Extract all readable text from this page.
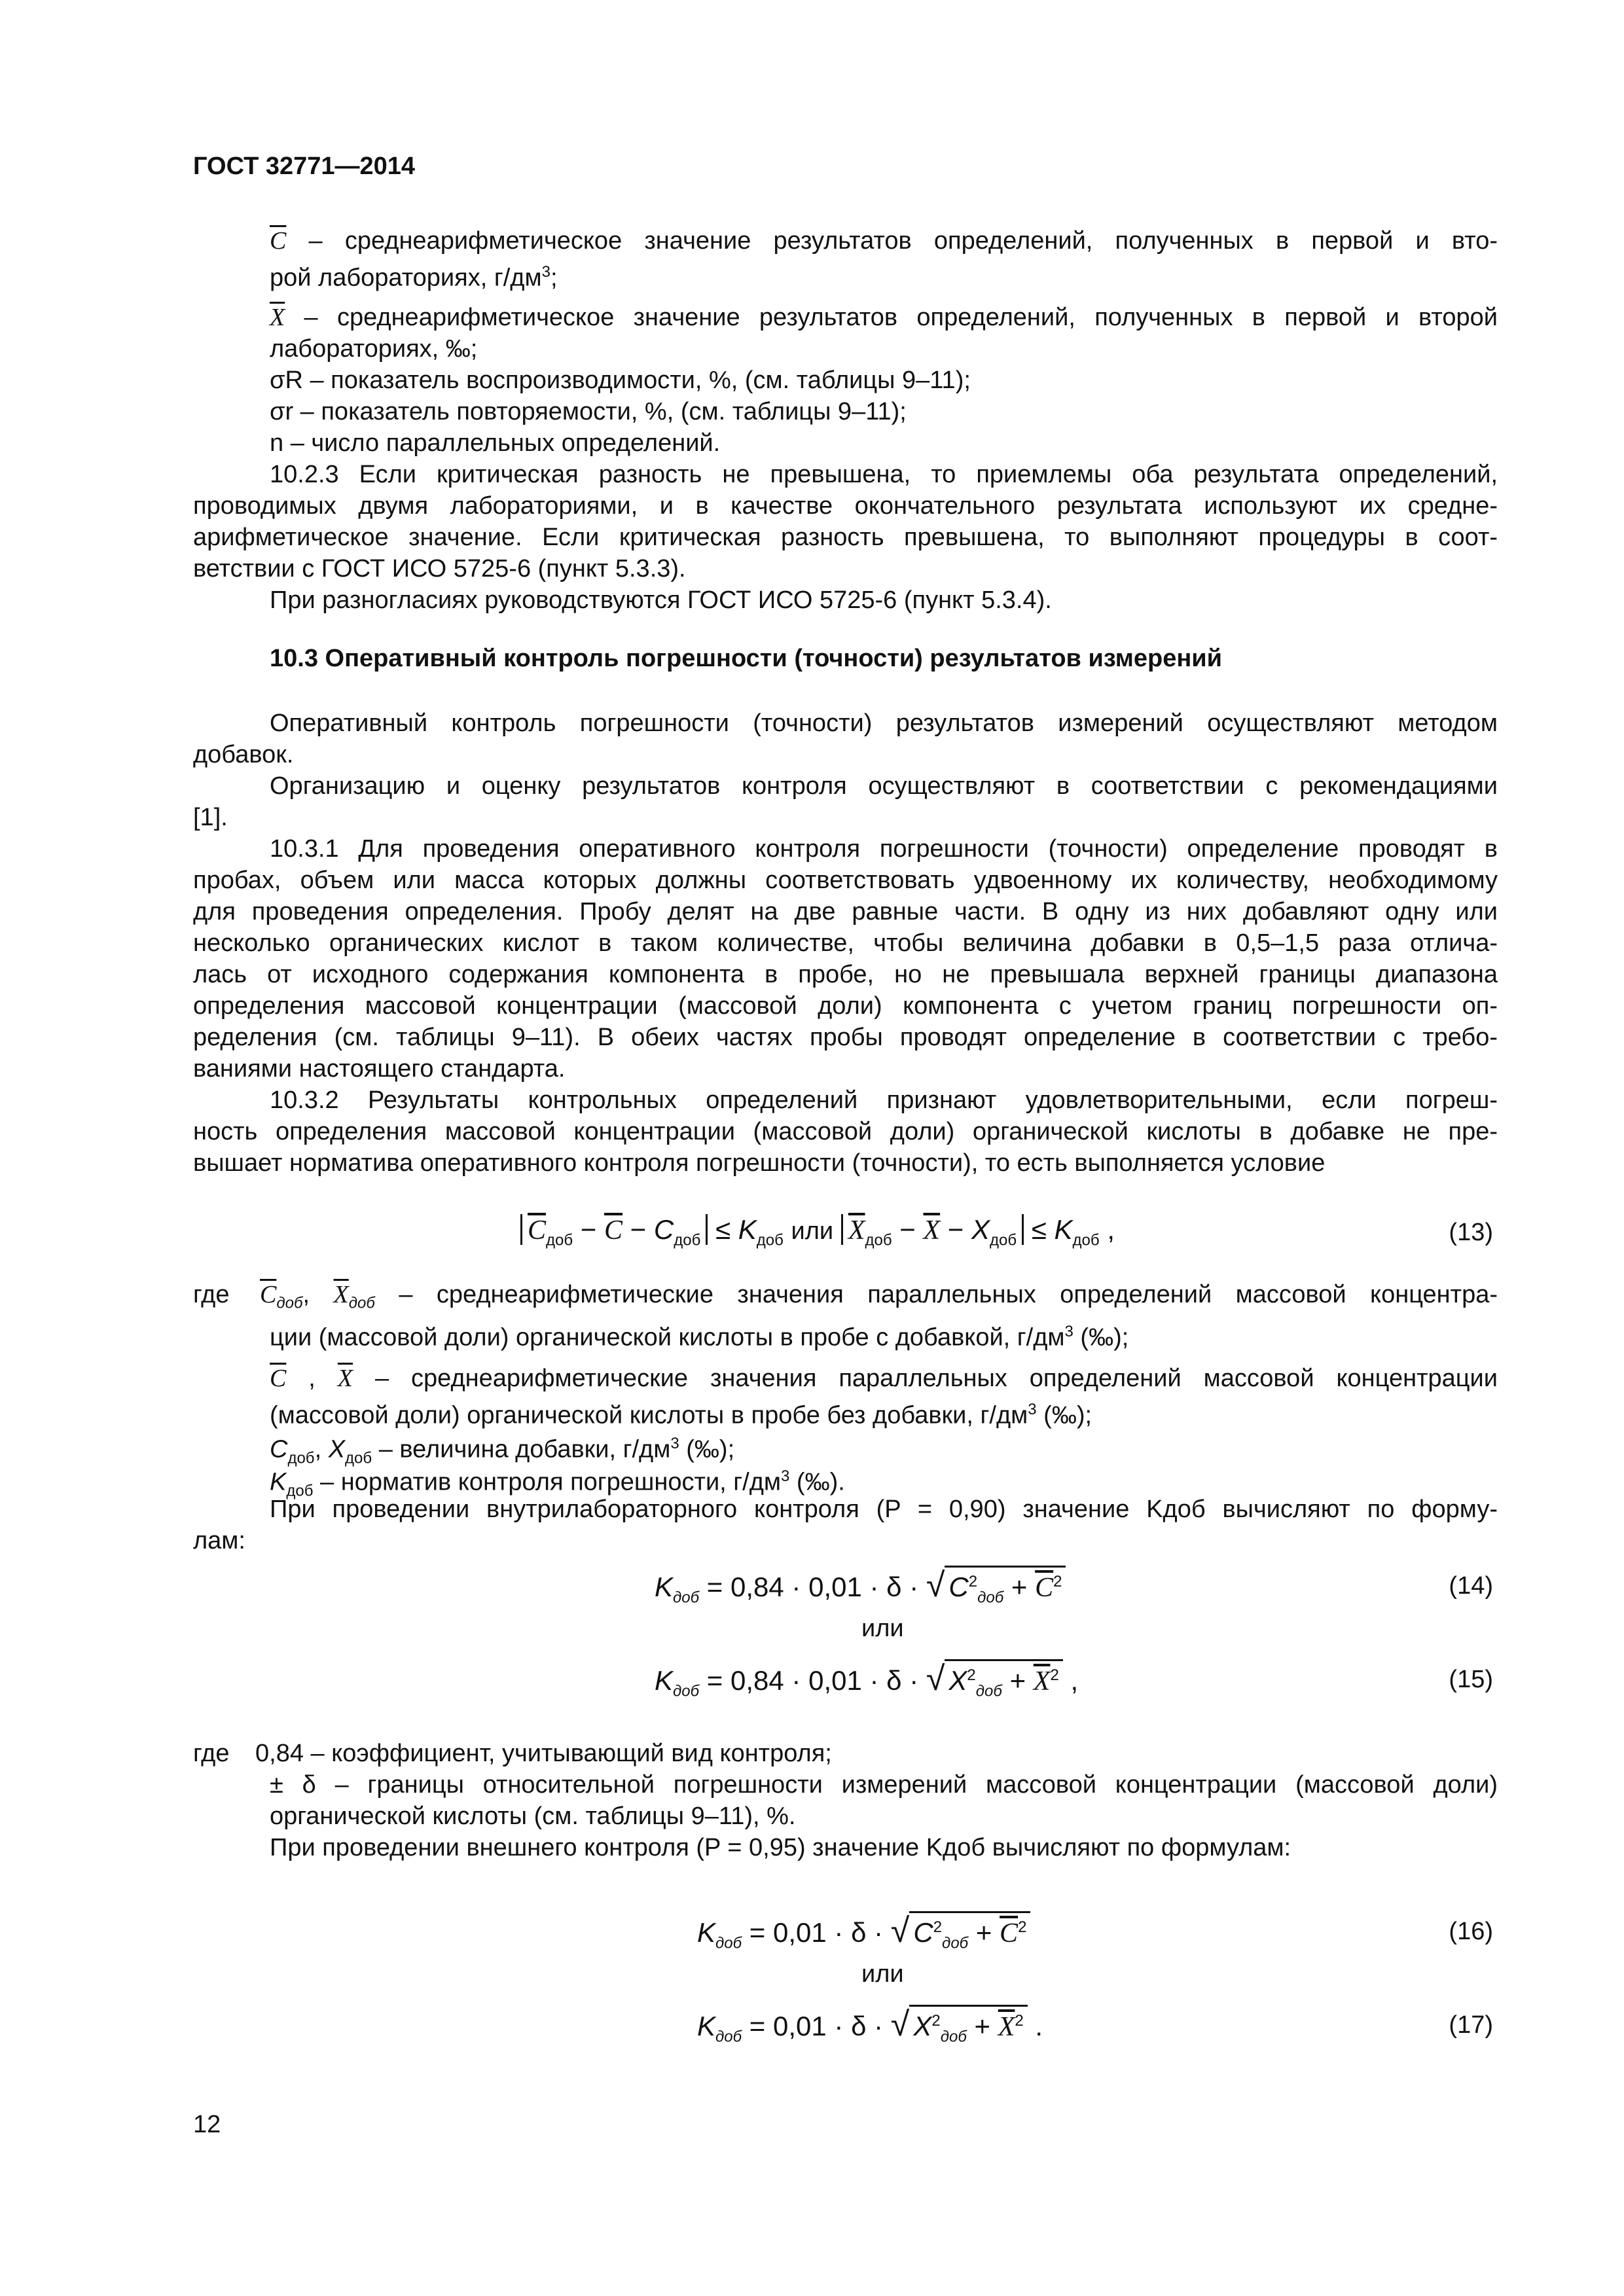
ГОСТ 32771—2014
$\overline{C}$ – среднеарифметическое значение результатов определений, полученных в первой и вто-
рой лабораториях, $г/дм^3$;
$\overline{X}$ – среднеарифметическое значение результатов определений, полученных в первой и второй
лабораториях, ‰;
σR – показатель воспроизводимости, %, (см. таблицы 9–11);
σr – показатель повторяемости, %, (см. таблицы 9–11);
n – число параллельных определений.
10.2.3 Если критическая разность не превышена, то приемлемы оба результата определений,
проводимых двумя лабораториями, и в качестве окончательного результата используют их средне-
арифметическое значение. Если критическая разность превышена, то выполняют процедуры в соот-
ветствии с ГОСТ ИСО 5725-6 (пункт 5.3.3).
При разногласиях руководствуются ГОСТ ИСО 5725-6 (пункт 5.3.4).
10.3 Оперативный контроль погрешности (точности) результатов измерений
Оперативный контроль погрешности (точности) результатов измерений осуществляют методом
добавок.
Организацию и оценку результатов контроля осуществляют в соответствии с рекомендациями
[1].
10.3.1 Для проведения оперативного контроля погрешности (точности) определение проводят в
пробах, объем или масса которых должны соответствовать удвоенному их количеству, необходимому
для проведения определения. Пробу делят на две равные части. В одну из них добавляют одну или
несколько органических кислот в таком количестве, чтобы величина добавки в 0,5–1,5 раза отлича-
лась от исходного содержания компонента в пробе, но не превышала верхней границы диапазона
определения массовой концентрации (массовой доли) компонента с учетом границ погрешности оп-
ределения (см. таблицы 9–11). В обеих частях пробы проводят определение в соответствии с требо-
ваниями настоящего стандарта.
10.3.2 Результаты контрольных определений признают удовлетворительными, если погреш-
ность определения массовой концентрации (массовой доли) органической кислоты в добавке не пре-
вышает норматива оперативного контроля погрешности (точности), то есть выполняется условие
$\overline{C}_{доб} - \overline{C} - C_{доб} \le K_{доб}$ или $\overline{X}_{доб} - \overline{X} - X_{доб} \le K_{доб}$ ,	(13)
где $\overline{C}_{доб}$, $\overline{X}_{доб}$ – среднеарифметические значения параллельных определений массовой концентра-
ции (массовой доли) органической кислоты в пробе с добавкой, $г/дм^3$ (‰);
$\overline{C}$ , $\overline{X}$ – среднеарифметические значения параллельных определений массовой концентрации
(массовой доли) органической кислоты в пробе без добавки, $г/дм^3$ (‰);
$C_{доб}$, $X_{доб}$ – величина добавки, $г/дм^3$ (‰);
$K_{доб}$ – норматив контроля погрешности, $г/дм^3$ (‰).
При проведении внутрилабораторного контроля (P = 0,90) значение Kдоб вычисляют по форму-
лам:
$K_{доб} = 0,84 \cdot 0,01 \cdot \delta$ · √ $C^2_{доб} + \overline{C}^2$	(14)
или
$K_{доб} = 0,84 \cdot 0,01 \cdot \delta$ · √ $X^2_{доб} + \overline{X}^2$ ,	(15)
где 0,84 – коэффициент, учитывающий вид контроля;
± δ – границы относительной погрешности измерений массовой концентрации (массовой доли)
органической кислоты (см. таблицы 9–11), %.
При проведении внешнего контроля (P = 0,95) значение Kдоб вычисляют по формулам:
$K_{доб} = 0,01 \cdot \delta$ · √ $C^2_{доб} + \overline{C}^2$	(16)
или
$K_{доб} = 0,01 \cdot \delta$ · √ $X^2_{доб} + \overline{X}^2$ .	(17)
12
